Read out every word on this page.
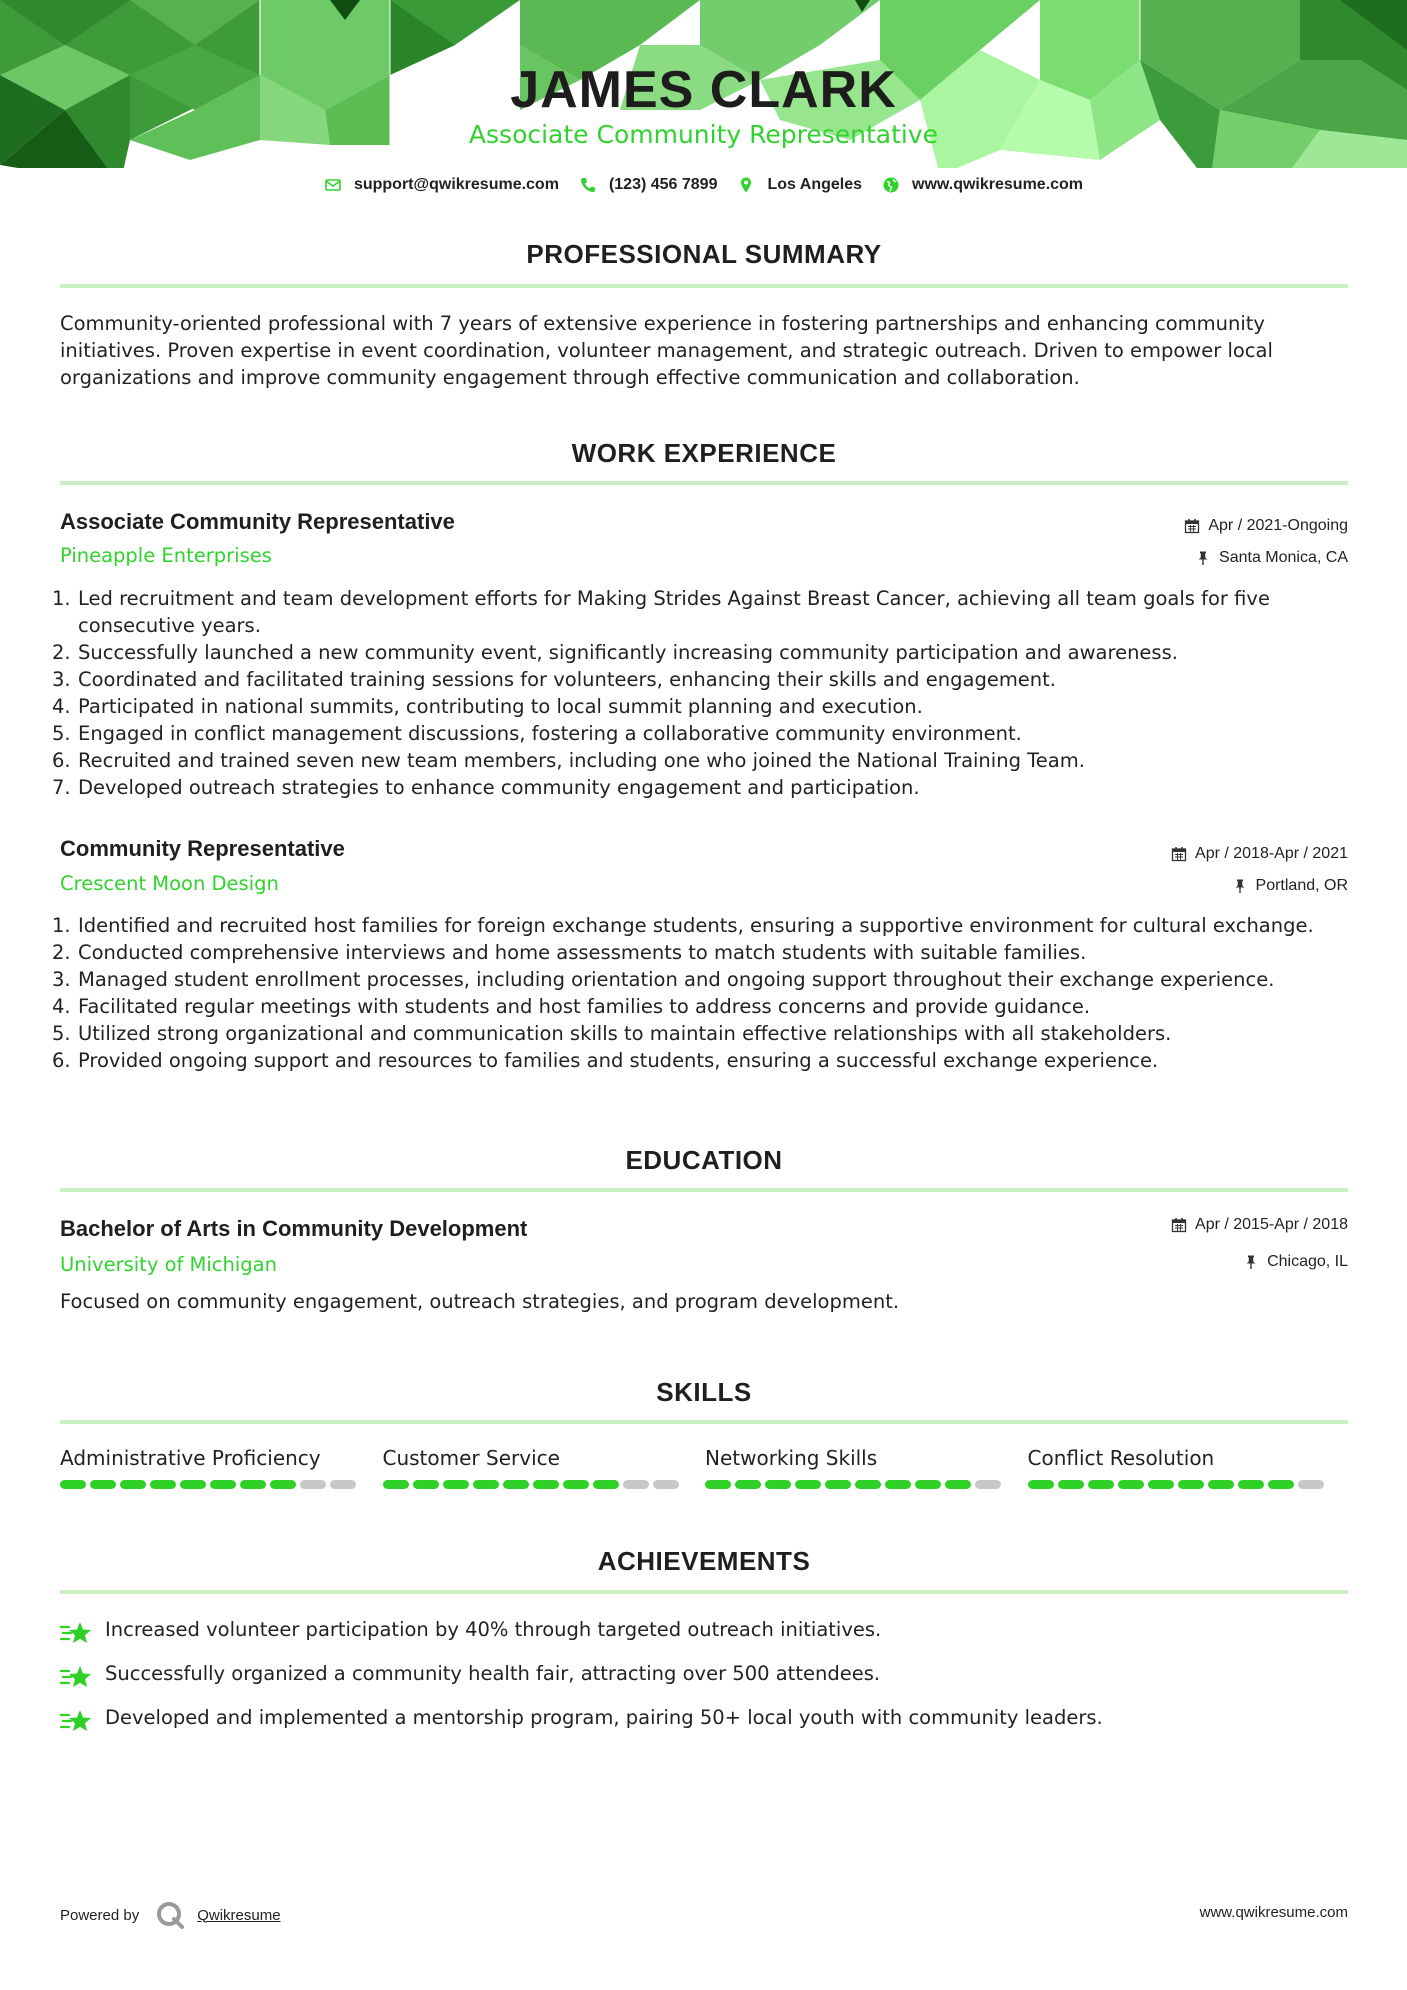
JAMES CLARK
Associate Community Representative
support@qwikresume.com	(123) 456 7899	Los Angeles	www.qwikresume.com
PROFESSIONAL SUMMARY

Community-oriented professional with 7 years of extensive experience in fostering partnerships and enhancing community initiatives. Proven expertise in event coordination, volunteer management, and strategic outreach. Driven to empower local organizations and improve community engagement through effective communication and collaboration.

WORK EXPERIENCE
Associate Community Representative	Apr / 2021-Ongoing
Pineapple Enterprises	Santa Monica, CA
Led recruitment and team development efforts for Making Strides Against Breast Cancer, achieving all team goals for five consecutive years.
Successfully launched a new community event, significantly increasing community participation and awareness.
Coordinated and facilitated training sessions for volunteers, enhancing their skills and engagement.
Participated in national summits, contributing to local summit planning and execution.
Engaged in conflict management discussions, fostering a collaborative community environment.
Recruited and trained seven new team members, including one who joined the National Training Team.
Developed outreach strategies to enhance community engagement and participation.
Community Representative	Apr / 2018-Apr / 2021
Crescent Moon Design	Portland, OR
Identified and recruited host families for foreign exchange students, ensuring a supportive environment for cultural exchange.
Conducted comprehensive interviews and home assessments to match students with suitable families.
Managed student enrollment processes, including orientation and ongoing support throughout their exchange experience.
Facilitated regular meetings with students and host families to address concerns and provide guidance.
Utilized strong organizational and communication skills to maintain effective relationships with all stakeholders.
Provided ongoing support and resources to families and students, ensuring a successful exchange experience.
EDUCATION
Bachelor of Arts in Community Development	Apr / 2015-Apr / 2018
University of Michigan	Chicago, IL

Focused on community engagement, outreach strategies, and program development.

SKILLS
Administrative Proficiency	Customer Service	Networking Skills	Conflict Resolution
ACHIEVEMENTS
Increased volunteer participation by 40% through targeted outreach initiatives.
Successfully organized a community health fair, attracting over 500 attendees.
Developed and implemented a mentorship program, pairing 50+ local youth with community leaders.
Powered by	Qwikresume	www.qwikresume.com
